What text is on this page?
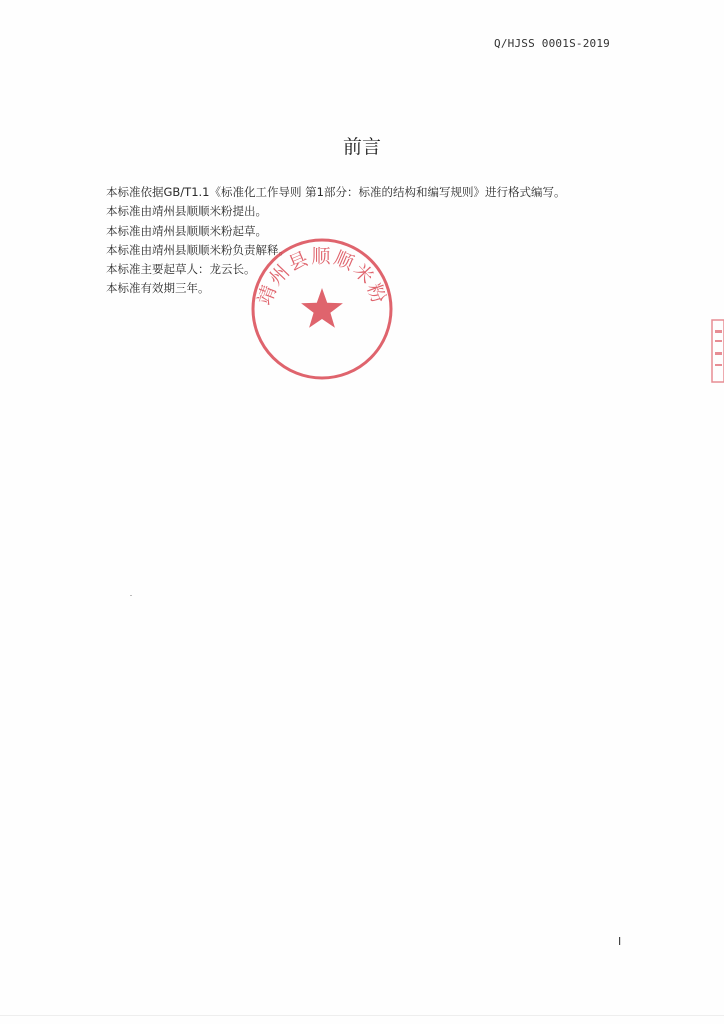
Q/HJSS 0001S-2019
前言
本标准依据GB/T1.1《标准化工作导则 第1部分：标准的结构和编写规则》进行格式编写。
本标准由靖州县顺顺米粉提出。
本标准由靖州县顺顺米粉起草。
本标准由靖州县顺顺米粉负责解释。
本标准主要起草人：龙云长。
本标准有效期三年。	靖州县顺顺米粉
I
